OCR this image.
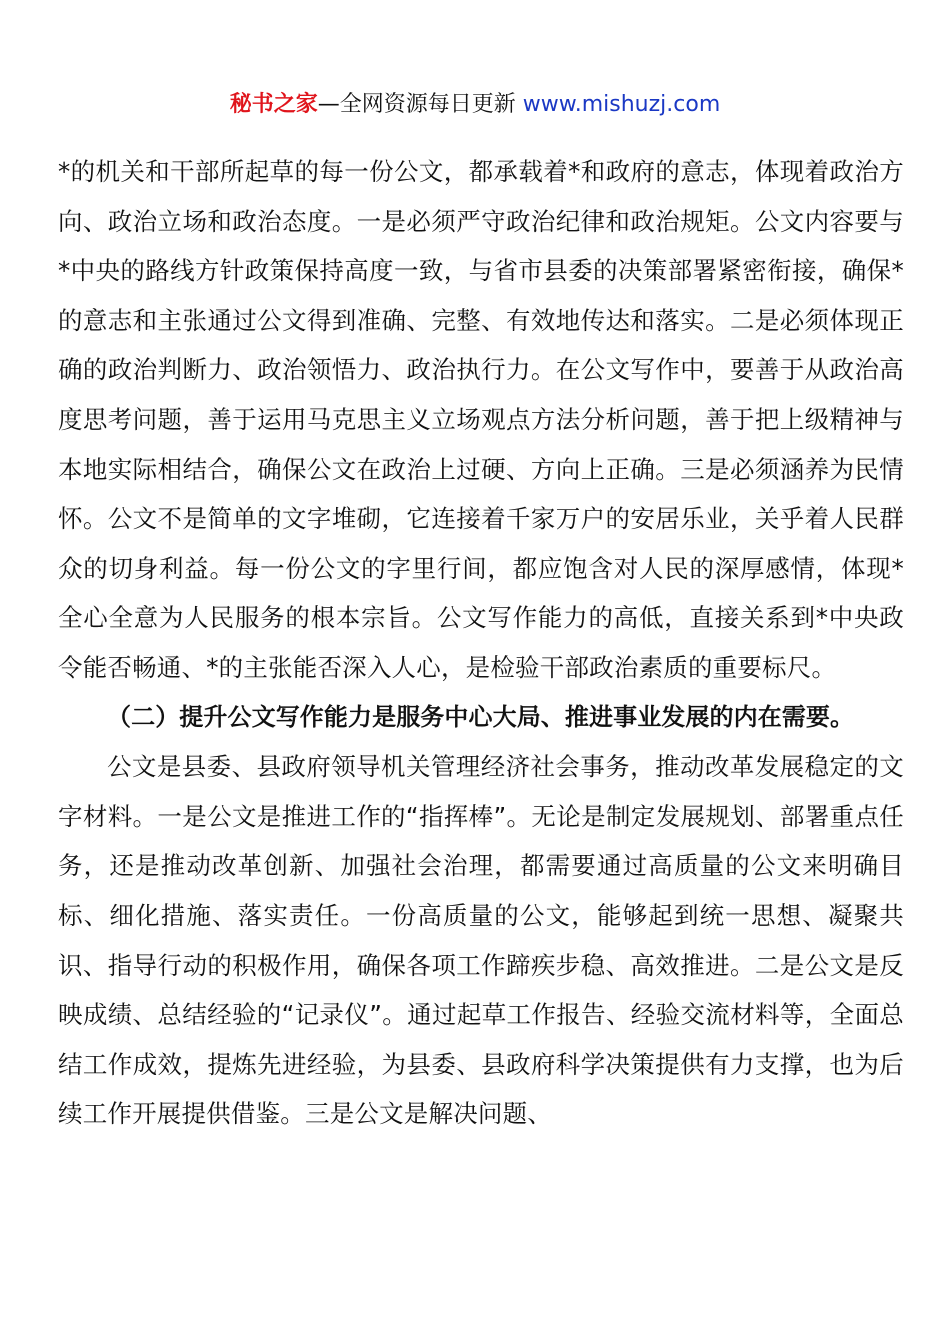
秘书之家—全网资源每日更新 www.mishuzj.com

*的机关和干部所起草的每一份公文，都承载着*和政府的意志，体现着政治方向、政治立场和政治态度。一是必须严守政治纪律和政治规矩。公文内容要与*中央的路线方针政策保持高度一致，与省市县委的决策部署紧密衔接，确保*的意志和主张通过公文得到准确、完整、有效地传达和落实。二是必须体现正确的政治判断力、政治领悟力、政治执行力。在公文写作中，要善于从政治高度思考问题，善于运用马克思主义立场观点方法分析问题，善于把上级精神与本地实际相结合，确保公文在政治上过硬、方向上正确。三是必须涵养为民情怀。公文不是简单的文字堆砌，它连接着千家万户的安居乐业，关乎着人民群众的切身利益。每一份公文的字里行间，都应饱含对人民的深厚感情，体现*全心全意为人民服务的根本宗旨。公文写作能力的高低，直接关系到*中央政令能否畅通、*的主张能否深入人心，是检验干部政治素质的重要标尺。

（二）提升公文写作能力是服务中心大局、推进事业发展的内在需要。

公文是县委、县政府领导机关管理经济社会事务，推动改革发展稳定的文字材料。一是公文是推进工作的“指挥棒”。无论是制定发展规划、部署重点任务，还是推动改革创新、加强社会治理，都需要通过高质量的公文来明确目标、细化措施、落实责任。一份高质量的公文，能够起到统一思想、凝聚共识、指导行动的积极作用，确保各项工作蹄疾步稳、高效推进。二是公文是反映成绩、总结经验的“记录仪”。通过起草工作报告、经验交流材料等，全面总结工作成效，提炼先进经验，为县委、县政府科学决策提供有力支撑，也为后续工作开展提供借鉴。三是公文是解决问题、
